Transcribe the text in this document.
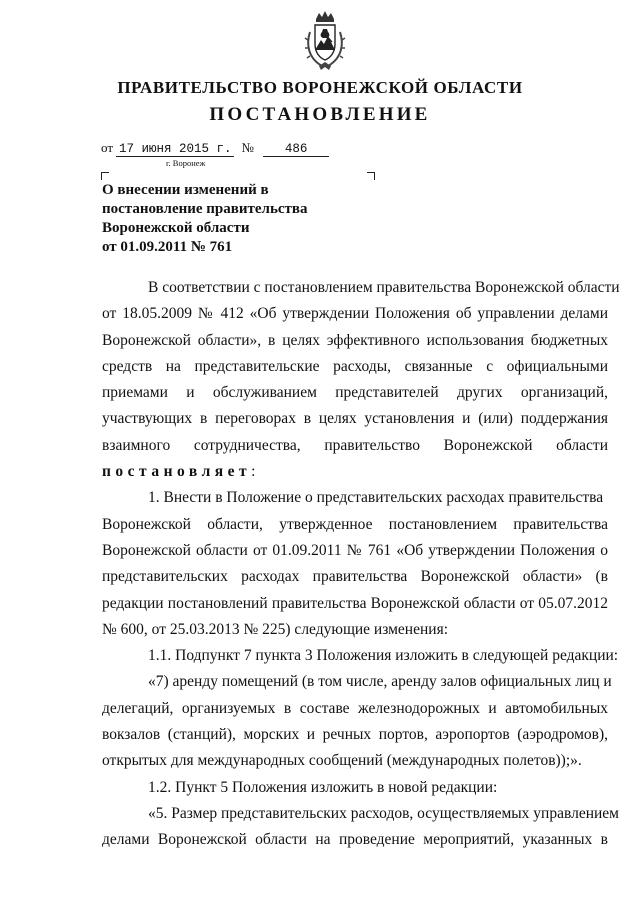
ПРАВИТЕЛЬСТВО ВОРОНЕЖСКОЙ ОБЛАСТИ
ПОСТАНОВЛЕНИЕ
от 17 июня 2015 г. № 486
г. Воронеж
О внесении изменений в
постановление правительства
Воронежской области
от 01.09.2011 № 761
В соответствии с постановлением правительства Воронежской области
от 18.05.2009 № 412 «Об утверждении Положения об управлении делами
Воронежской области», в целях эффективного использования бюджетных
средств на представительские расходы, связанные с официальными
приемами и обслуживанием представителей других организаций,
участвующих в переговорах в целях установления и (или) поддержания
взаимного сотрудничества, правительство Воронежской области
постановляет:
1. Внести в Положение о представительских расходах правительства
Воронежской области, утвержденное постановлением правительства
Воронежской области от 01.09.2011 № 761 «Об утверждении Положения о
представительских расходах правительства Воронежской области» (в
редакции постановлений правительства Воронежской области от 05.07.2012
№ 600, от 25.03.2013 № 225) следующие изменения:
1.1. Подпункт 7 пункта 3 Положения изложить в следующей редакции:
«7) аренду помещений (в том числе, аренду залов официальных лиц и
делегаций, организуемых в составе железнодорожных и автомобильных
вокзалов (станций), морских и речных портов, аэропортов (аэродромов),
открытых для международных сообщений (международных полетов));».
1.2. Пункт 5 Положения изложить в новой редакции:
«5. Размер представительских расходов, осуществляемых управлением
делами Воронежской области на проведение мероприятий, указанных в
